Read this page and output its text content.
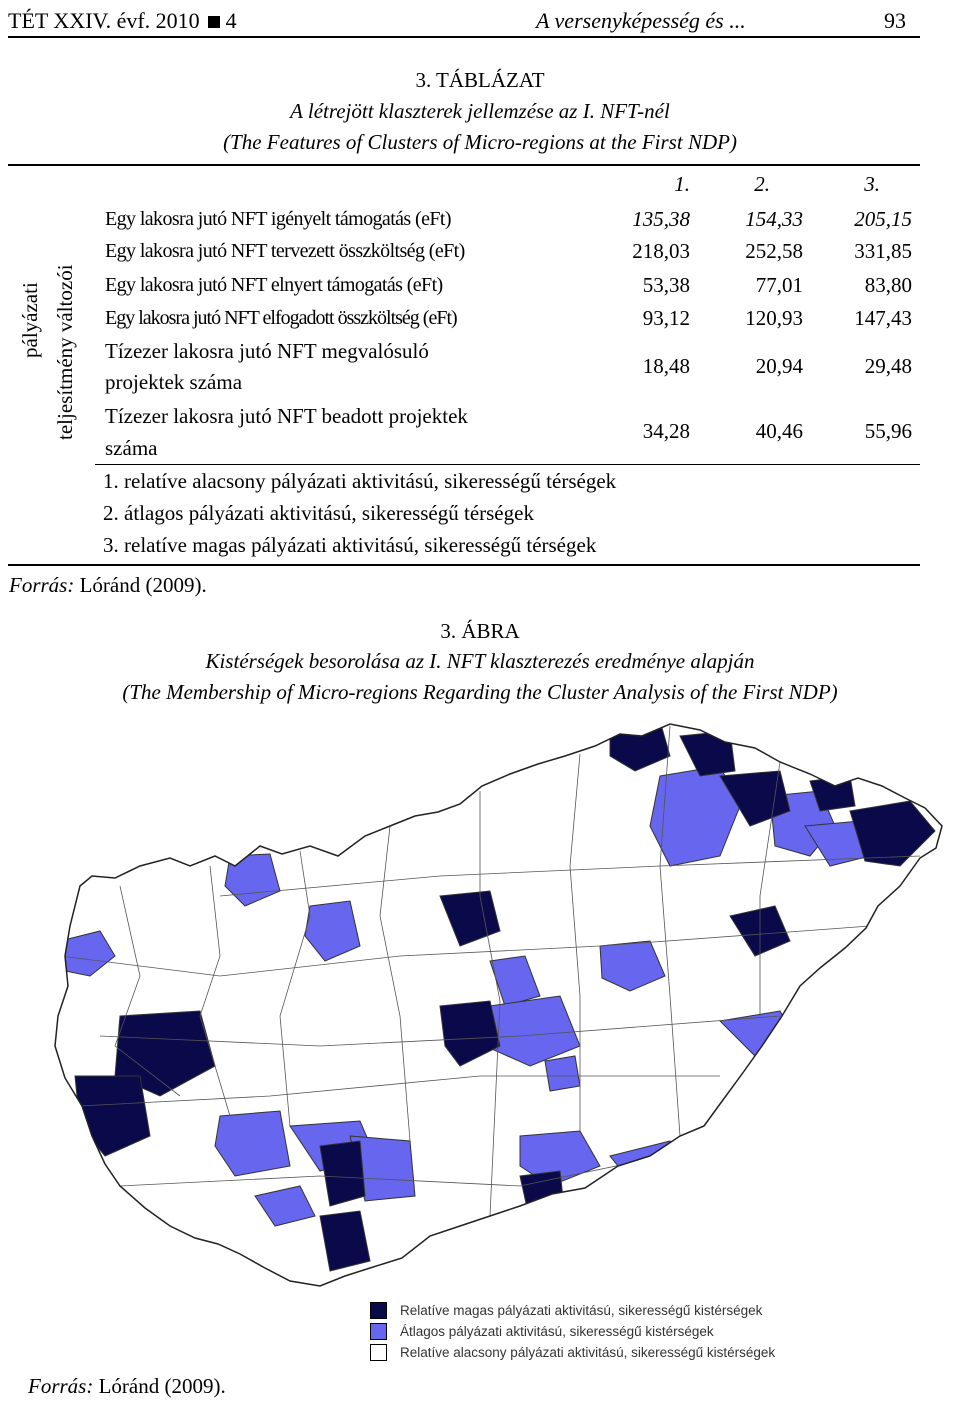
TÉT XXIV. évf. 2010 4	A versenyképesség és ...	93
3. TÁBLÁZAT
A létrejött klaszterek jellemzése az I. NFT-nél
(The Features of Clusters of Micro-regions at the First NDP)
1.	2.	3.
pályázati teljesítmény változói
Egy lakosra jutó NFT igényelt támogatás (eFt)	135,38	154,33	205,15
Egy lakosra jutó NFT tervezett összköltség (eFt)	218,03	252,58	331,85
Egy lakosra jutó NFT elnyert támogatás (eFt)	53,38	77,01	83,80
Egy lakosra jutó NFT elfogadott összköltség (eFt)	93,12	120,93	147,43
Tízezer lakosra jutó NFT megvalósuló
projektek száma
18,48	20,94	29,48
Tízezer lakosra jutó NFT beadott projektek
száma
34,28	40,46	55,96
1. relatíve alacsony pályázati aktivitású, sikerességű térségek
2. átlagos pályázati aktivitású, sikerességű térségek
3. relatíve magas pályázati aktivitású, sikerességű térségek
Forrás: Lóránd (2009).
3. ÁBRA
Kistérségek besorolása az I. NFT klaszterezés eredménye alapján
(The Membership of Micro-regions Regarding the Cluster Analysis of the First NDP)
Relatíve magas pályázati aktivitású, sikerességű kistérségek
Átlagos pályázati aktivitású, sikerességű kistérségek
Relatíve alacsony pályázati aktivitású, sikerességű kistérségek
Forrás: Lóránd (2009).
